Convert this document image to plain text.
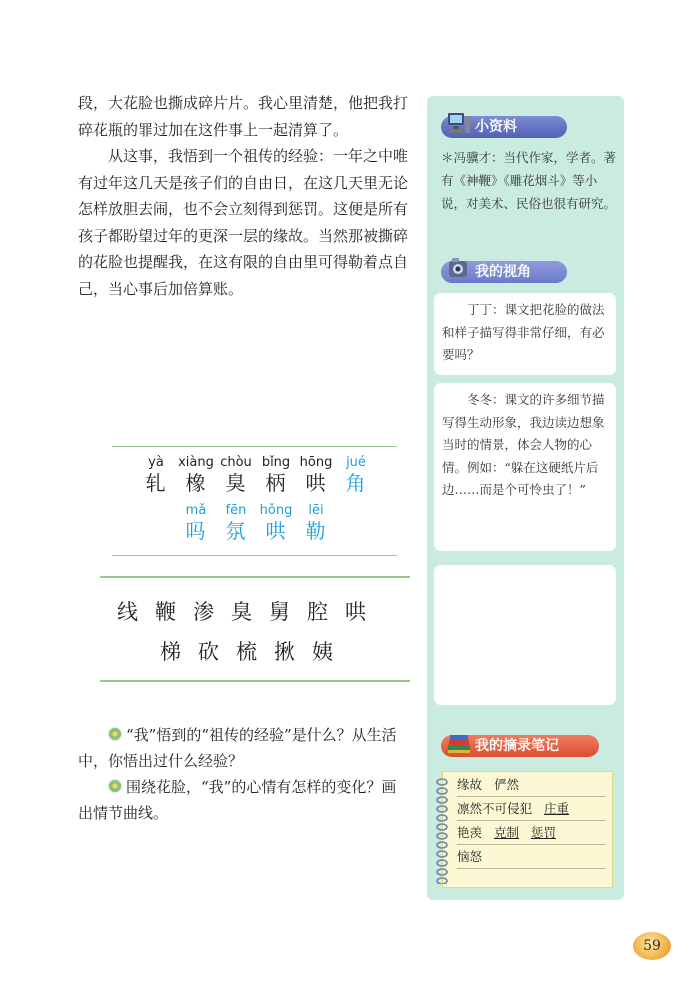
段，大花脸也撕成碎片片。我心里清楚，他把我打碎花瓶的罪过加在这件事上一起清算了。

从这事，我悟到一个祖传的经验：一年之中唯有过年这几天是孩子们的自由日，在这几天里无论怎样放胆去闹，也不会立刻得到惩罚。这便是所有孩子都盼望过年的更深一层的缘故。当然那被撕碎的花脸也提醒我，在这有限的自由里可得勒着点自己，当心事后加倍算账。

yà
轧
xiàng
橡
chòu
臭
bǐng
柄
hōng
哄
jué
角
mǎ
吗
fēn
氛
hǒng
哄
lēi
勒
线鞭渗臭舅腔哄
梯砍梳揪姨

“我”悟到的“祖传的经验”是什么？从生活中，你悟出过什么经验？

围绕花脸，“我”的心情有怎样的变化？画出情节曲线。

小资料
＊冯骥才：当代作家，学者。著有《神鞭》《雕花烟斗》等小说，对美术、民俗也很有研究。
我的视角

丁丁：课文把花脸的做法和样子描写得非常仔细，有必要吗？

冬冬：课文的许多细节描写得生动形象，我边读边想象当时的情景，体会人物的心情。例如：“躲在这硬纸片后边……而是个可怜虫了！”

我的摘录笔记
缘故 俨然
凛然不可侵犯 庄重
艳羡 克制 惩罚
恼怒
59
